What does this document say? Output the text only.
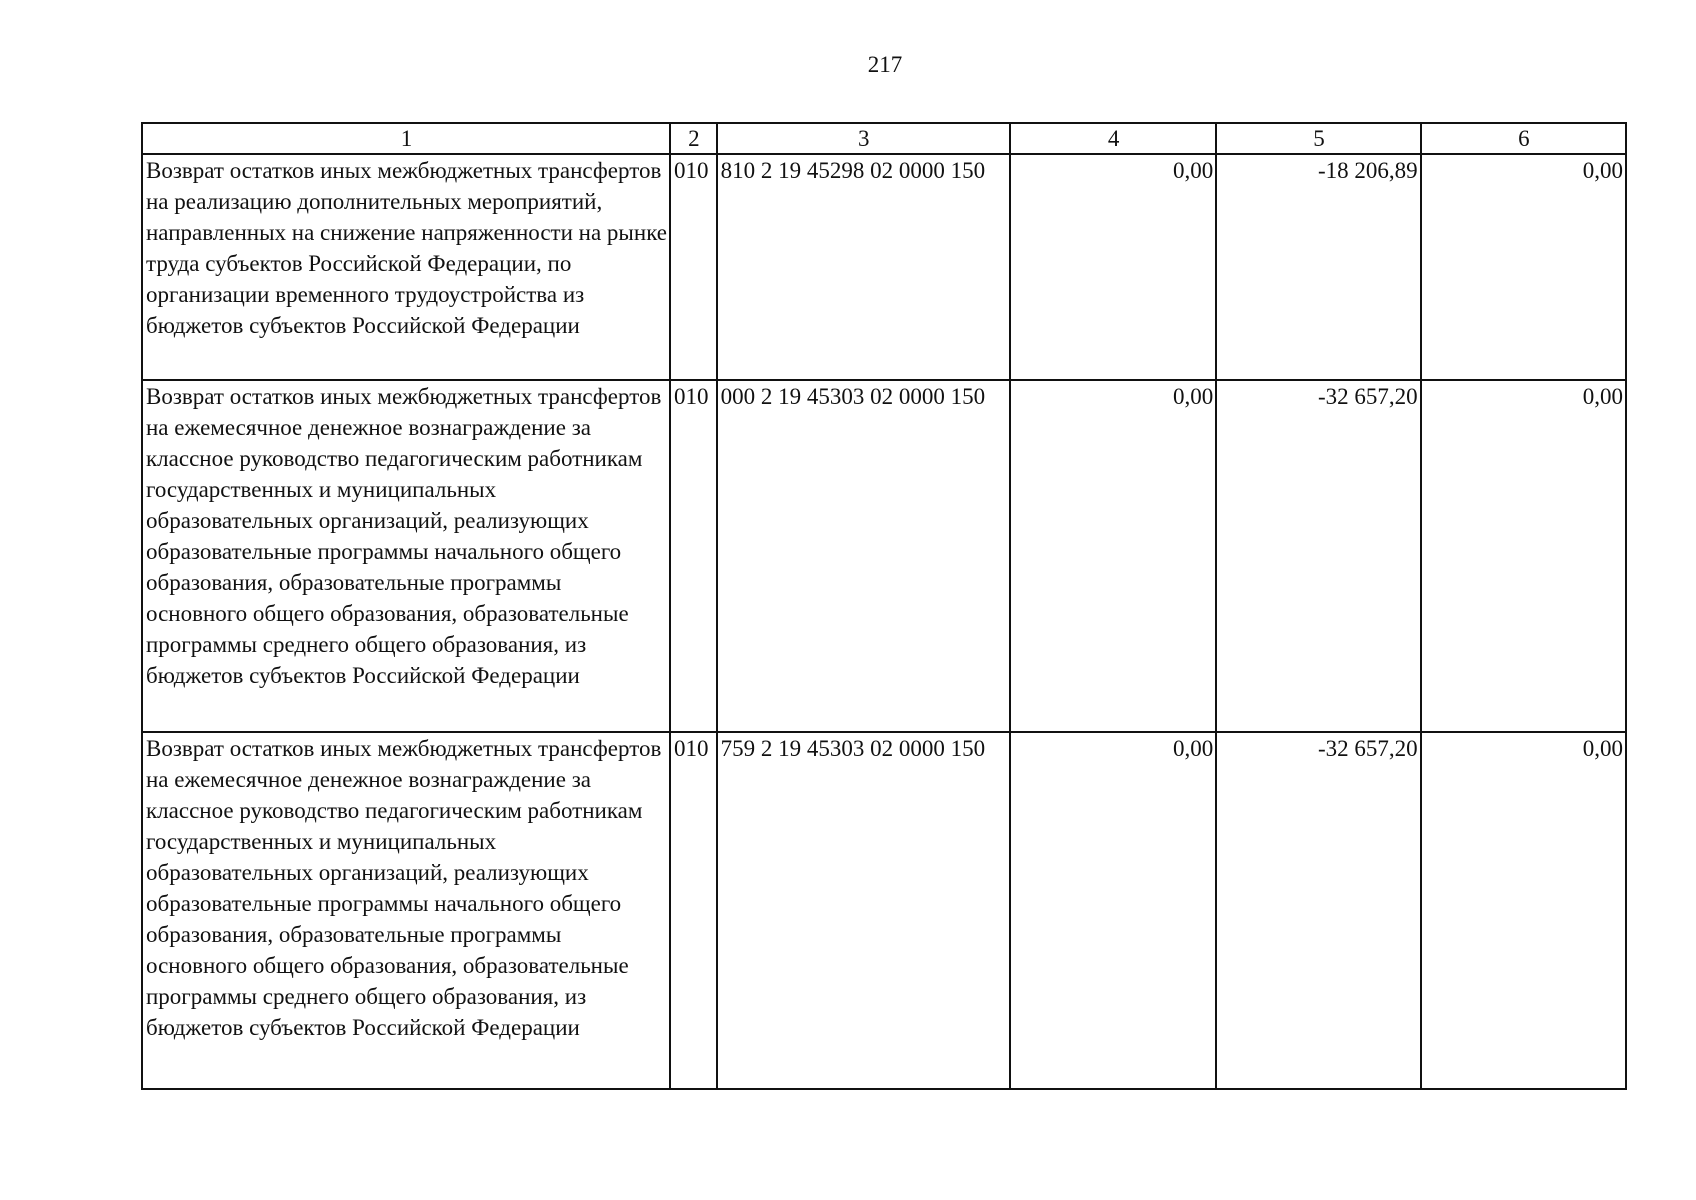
217
1	2	3	4	5	6
Возврат остатков иных межбюджетных трансфертов на реализацию дополнительных мероприятий, направленных на снижение напряженности на рынке труда субъектов Российской Федерации, по организации временного трудоустройства из бюджетов субъектов Российской Федерации	010	810 2 19 45298 02 0000 150	0,00	-18 206,89	0,00
Возврат остатков иных межбюджетных трансфертов на ежемесячное денежное вознаграждение за классное руководство педагогическим работникам государственных и муниципальных образовательных организаций, реализующих образовательные программы начального общего образования, образовательные программы основного общего образования, образовательные программы среднего общего образования, из бюджетов субъектов Российской Федерации	010	000 2 19 45303 02 0000 150	0,00	-32 657,20	0,00
Возврат остатков иных межбюджетных трансфертов на ежемесячное денежное вознаграждение за классное руководство педагогическим работникам государственных и муниципальных образовательных организаций, реализующих образовательные программы начального общего образования, образовательные программы основного общего образования, образовательные программы среднего общего образования, из бюджетов субъектов Российской Федерации	010	759 2 19 45303 02 0000 150	0,00	-32 657,20	0,00
